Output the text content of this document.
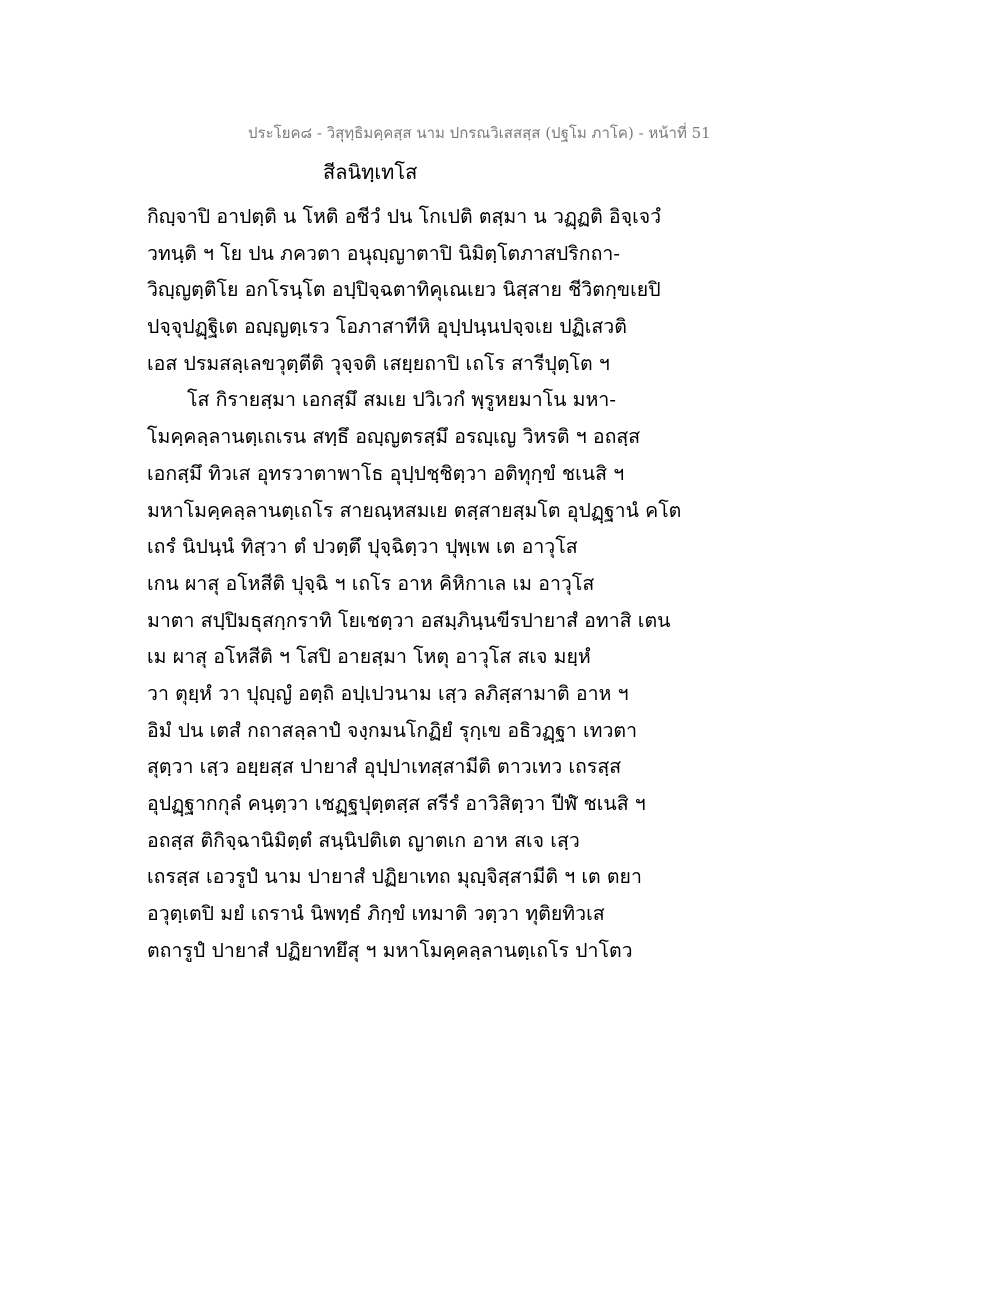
ประโยค๘ - วิสุทฺธิมคฺคสฺส นาม ปกรณวิเสสสฺส (ปฐโม ภาโค) - หน้าที่ 51
สีลนิทฺเทโส
กิญฺจาปิ อาปตฺติ น โหติ อชีวํ ปน โกเปติ ตสฺมา น วฏฺฏติ อิจฺเจวํ
วทนฺติ ฯ โย ปน ภควตา อนุญฺญาตาปิ นิมิตฺโตภาสปริกถา-
วิญฺญตฺติโย อกโรนฺโต อปฺปิจฺฉตาทิคุเณเยว นิสฺสาย ชีวิตกฺขเยปิ
ปจฺจุปฏฺฐิเต อญฺญตฺเรว โอภาสาทีหิ อุปฺปนฺนปจฺจเย ปฏิเสวติ
เอส ปรมสลฺเลขวุตฺตีติ วุจฺจติ เสยฺยถาปิ เถโร สารีปุตฺโต ฯ
โส กิรายสฺมา เอกสฺมึ สมเย ปวิเวกํ พฺรูหยมาโน มหา-
โมคฺคลฺลานตฺเถเรน สทฺธึ อญฺญตรสฺมึ อรญฺเญ วิหรติ ฯ อถสฺส
เอกสฺมึ ทิวเส อุทรวาตาพาโธ อุปฺปชฺชิตฺวา อติทุกฺขํ ชเนสิ ฯ
มหาโมคฺคลฺลานตฺเถโร สายณฺหสมเย ตสฺสายสฺมโต อุปฏฺฐานํ คโต
เถรํ นิปนฺนํ ทิสฺวา ตํ ปวตฺตึ ปุจฺฉิตฺวา ปุพฺเพ เต อาวุโส
เกน ผาสุ อโหสีติ ปุจฺฉิ ฯ เถโร อาห คิหิกาเล เม อาวุโส
มาตา สปฺปิมธุสกฺกราทิ โยเชตฺวา อสมฺภินฺนขีรปายาสํ อทาสิ เตน
เม ผาสุ อโหสีติ ฯ โสปิ อายสฺมา โหตุ อาวุโส สเจ มยฺหํ
วา ตุยฺหํ วา ปุญฺญํ อตฺถิ อปฺเปวนาม เสฺว ลภิสฺสามาติ อาห ฯ
อิมํ ปน เตสํ กถาสลฺลาปํ จงฺกมนโกฏิยํ รุกฺเข อธิวฏฺฐา เทวตา
สุตฺวา เสฺว อยฺยสฺส ปายาสํ อุปฺปาเทสฺสามีติ ตาวเทว เถรสฺส
อุปฏฺฐากกุลํ คนฺตฺวา เชฏฺฐปุตฺตสฺส สรีรํ อาวิสิตฺวา ปีฬํ ชเนสิ ฯ
อถสฺส ติกิจฺฉานิมิตฺตํ สนฺนิปติเต ญาตเก อาห สเจ เสฺว
เถรสฺส เอวรูปํ นาม ปายาสํ ปฏิยาเทถ มุญฺจิสฺสามีติ ฯ เต ตยา
อวุตฺเตปิ มยํ เถรานํ นิพทฺธํ ภิกฺขํ เทมาติ วตฺวา ทุติยทิวเส
ตถารูปํ ปายาสํ ปฏิยาทยึสุ ฯ มหาโมคฺคลฺลานตฺเถโร ปาโตว
